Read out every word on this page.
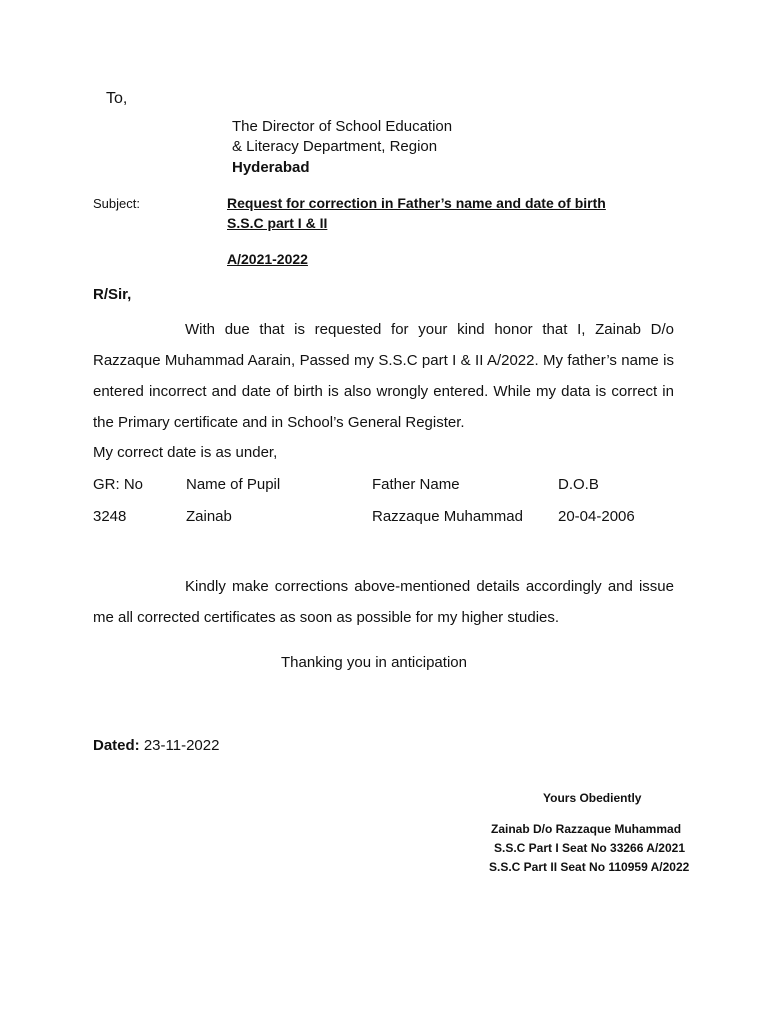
To,
The Director of School Education
& Literacy Department, Region
Hyderabad
Subject:	Request for correction in Father’s name and date of birth
S.S.C part I & II
A/2021-2022
R/Sir,
With due that is requested for your kind honor that I, Zainab D/o Razzaque Muhammad Aarain, Passed my S.S.C part I & II A/2022. My father’s name is entered incorrect and date of birth is also wrongly entered. While my data is correct in the Primary certificate and in School’s General Register.
My correct date is as under,
GR: No	Name of Pupil	Father Name	D.O.B
3248	Zainab	Razzaque Muhammad 20-04-2006
Kindly make corrections above-mentioned details accordingly and issue me all corrected certificates as soon as possible for my higher studies.
Thanking you in anticipation
Dated: 23-11-2022
Yours Obediently
Zainab D/o Razzaque Muhammad
S.S.C Part I Seat No 33266 A/2021
S.S.C Part II Seat No 110959 A/2022
